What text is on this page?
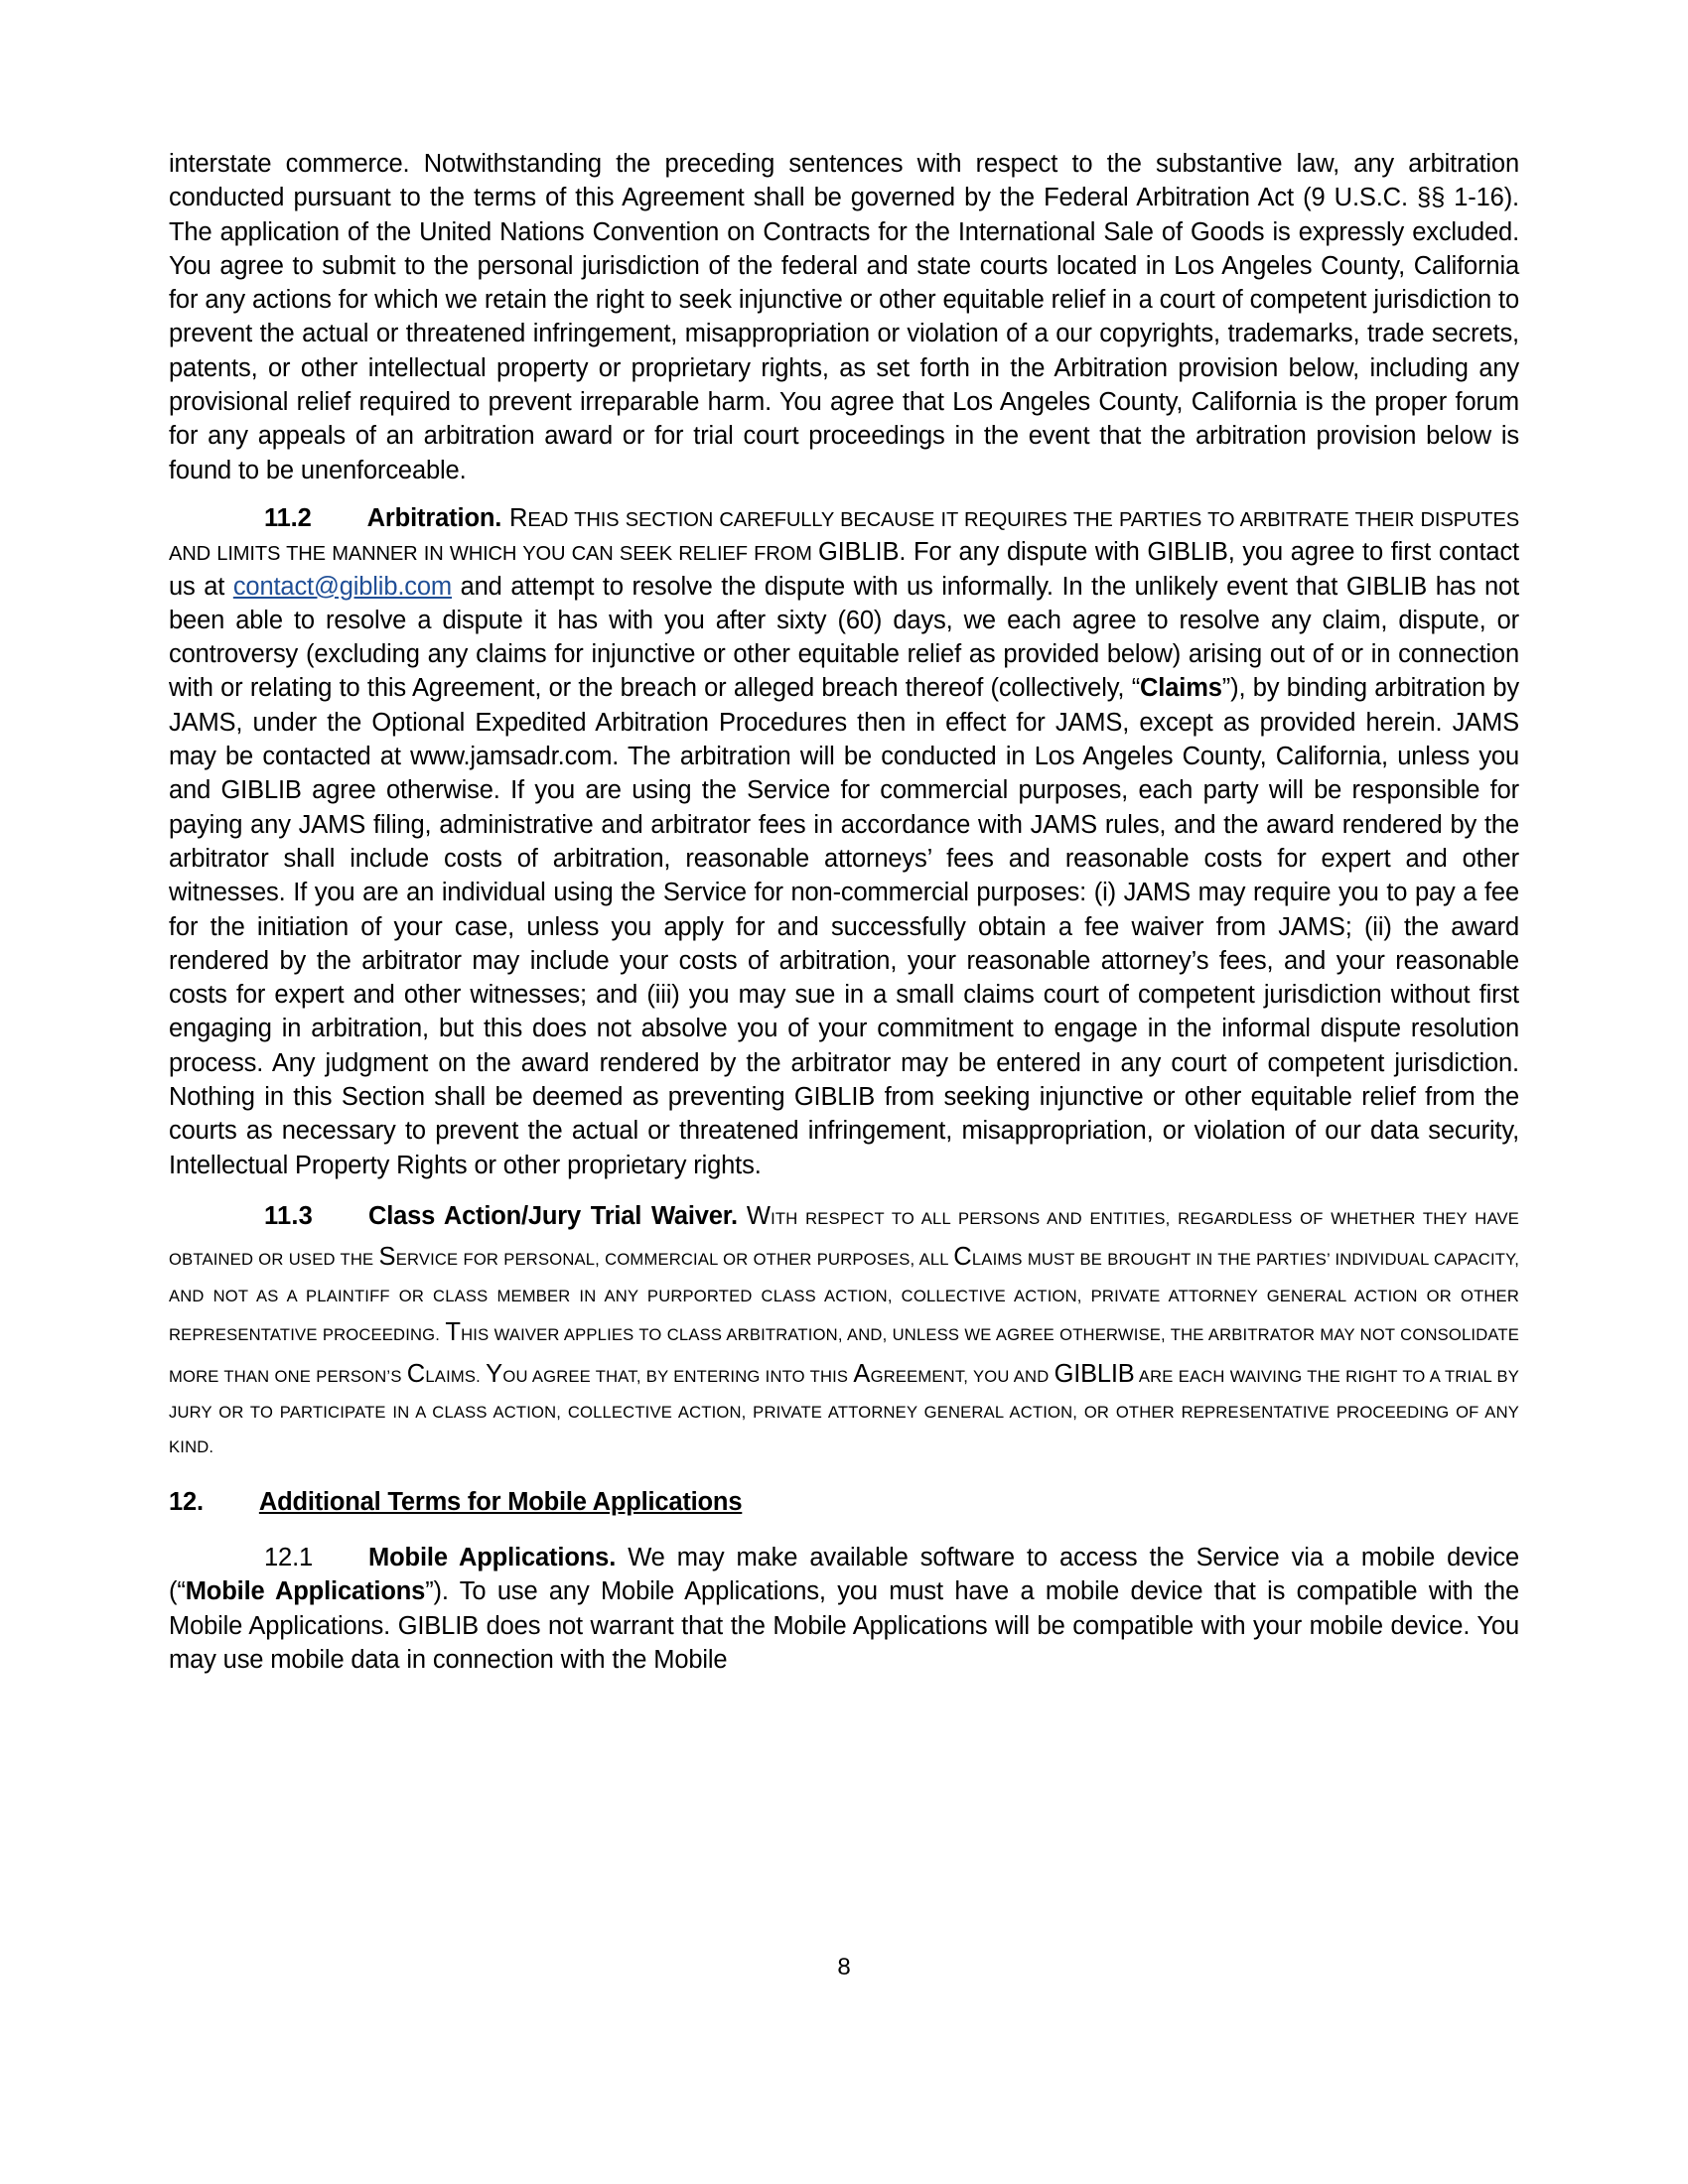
interstate commerce. Notwithstanding the preceding sentences with respect to the substantive law, any arbitration conducted pursuant to the terms of this Agreement shall be governed by the Federal Arbitration Act (9 U.S.C. §§ 1-16). The application of the United Nations Convention on Contracts for the International Sale of Goods is expressly excluded. You agree to submit to the personal jurisdiction of the federal and state courts located in Los Angeles County, California for any actions for which we retain the right to seek injunctive or other equitable relief in a court of competent jurisdiction to prevent the actual or threatened infringement, misappropriation or violation of a our copyrights, trademarks, trade secrets, patents, or other intellectual property or proprietary rights, as set forth in the Arbitration provision below, including any provisional relief required to prevent irreparable harm. You agree that Los Angeles County, California is the proper forum for any appeals of an arbitration award or for trial court proceedings in the event that the arbitration provision below is found to be unenforceable.

11.2 Arbitration. READ THIS SECTION CAREFULLY BECAUSE IT REQUIRES THE PARTIES TO ARBITRATE THEIR DISPUTES AND LIMITS THE MANNER IN WHICH YOU CAN SEEK RELIEF FROM GIBLIB. For any dispute with GIBLIB, you agree to first contact us at contact@giblib.com and attempt to resolve the dispute with us informally. In the unlikely event that GIBLIB has not been able to resolve a dispute it has with you after sixty (60) days, we each agree to resolve any claim, dispute, or controversy (excluding any claims for injunctive or other equitable relief as provided below) arising out of or in connection with or relating to this Agreement, or the breach or alleged breach thereof (collectively, “Claims”), by binding arbitration by JAMS, under the Optional Expedited Arbitration Procedures then in effect for JAMS, except as provided herein. JAMS may be contacted at www.jamsadr.com. The arbitration will be conducted in Los Angeles County, California, unless you and GIBLIB agree otherwise. If you are using the Service for commercial purposes, each party will be responsible for paying any JAMS filing, administrative and arbitrator fees in accordance with JAMS rules, and the award rendered by the arbitrator shall include costs of arbitration, reasonable attorneys’ fees and reasonable costs for expert and other witnesses. If you are an individual using the Service for non-commercial purposes: (i) JAMS may require you to pay a fee for the initiation of your case, unless you apply for and successfully obtain a fee waiver from JAMS; (ii) the award rendered by the arbitrator may include your costs of arbitration, your reasonable attorney’s fees, and your reasonable costs for expert and other witnesses; and (iii) you may sue in a small claims court of competent jurisdiction without first engaging in arbitration, but this does not absolve you of your commitment to engage in the informal dispute resolution process. Any judgment on the award rendered by the arbitrator may be entered in any court of competent jurisdiction. Nothing in this Section shall be deemed as preventing GIBLIB from seeking injunctive or other equitable relief from the courts as necessary to prevent the actual or threatened infringement, misappropriation, or violation of our data security, Intellectual Property Rights or other proprietary rights.

11.3 Class Action/Jury Trial Waiver. WITH RESPECT TO ALL PERSONS AND ENTITIES, REGARDLESS OF WHETHER THEY HAVE OBTAINED OR USED THE SERVICE FOR PERSONAL, COMMERCIAL OR OTHER PURPOSES, ALL CLAIMS MUST BE BROUGHT IN THE PARTIES’ INDIVIDUAL CAPACITY, AND NOT AS A PLAINTIFF OR CLASS MEMBER IN ANY PURPORTED CLASS ACTION, COLLECTIVE ACTION, PRIVATE ATTORNEY GENERAL ACTION OR OTHER REPRESENTATIVE PROCEEDING. THIS WAIVER APPLIES TO CLASS ARBITRATION, AND, UNLESS WE AGREE OTHERWISE, THE ARBITRATOR MAY NOT CONSOLIDATE MORE THAN ONE PERSON’S CLAIMS. YOU AGREE THAT, BY ENTERING INTO THIS AGREEMENT, YOU AND GIBLIB ARE EACH WAIVING THE RIGHT TO A TRIAL BY JURY OR TO PARTICIPATE IN A CLASS ACTION, COLLECTIVE ACTION, PRIVATE ATTORNEY GENERAL ACTION, OR OTHER REPRESENTATIVE PROCEEDING OF ANY KIND.

12. Additional Terms for Mobile Applications

12.1 Mobile Applications. We may make available software to access the Service via a mobile device (“Mobile Applications”). To use any Mobile Applications, you must have a mobile device that is compatible with the Mobile Applications. GIBLIB does not warrant that the Mobile Applications will be compatible with your mobile device. You may use mobile data in connection with the Mobile

8
